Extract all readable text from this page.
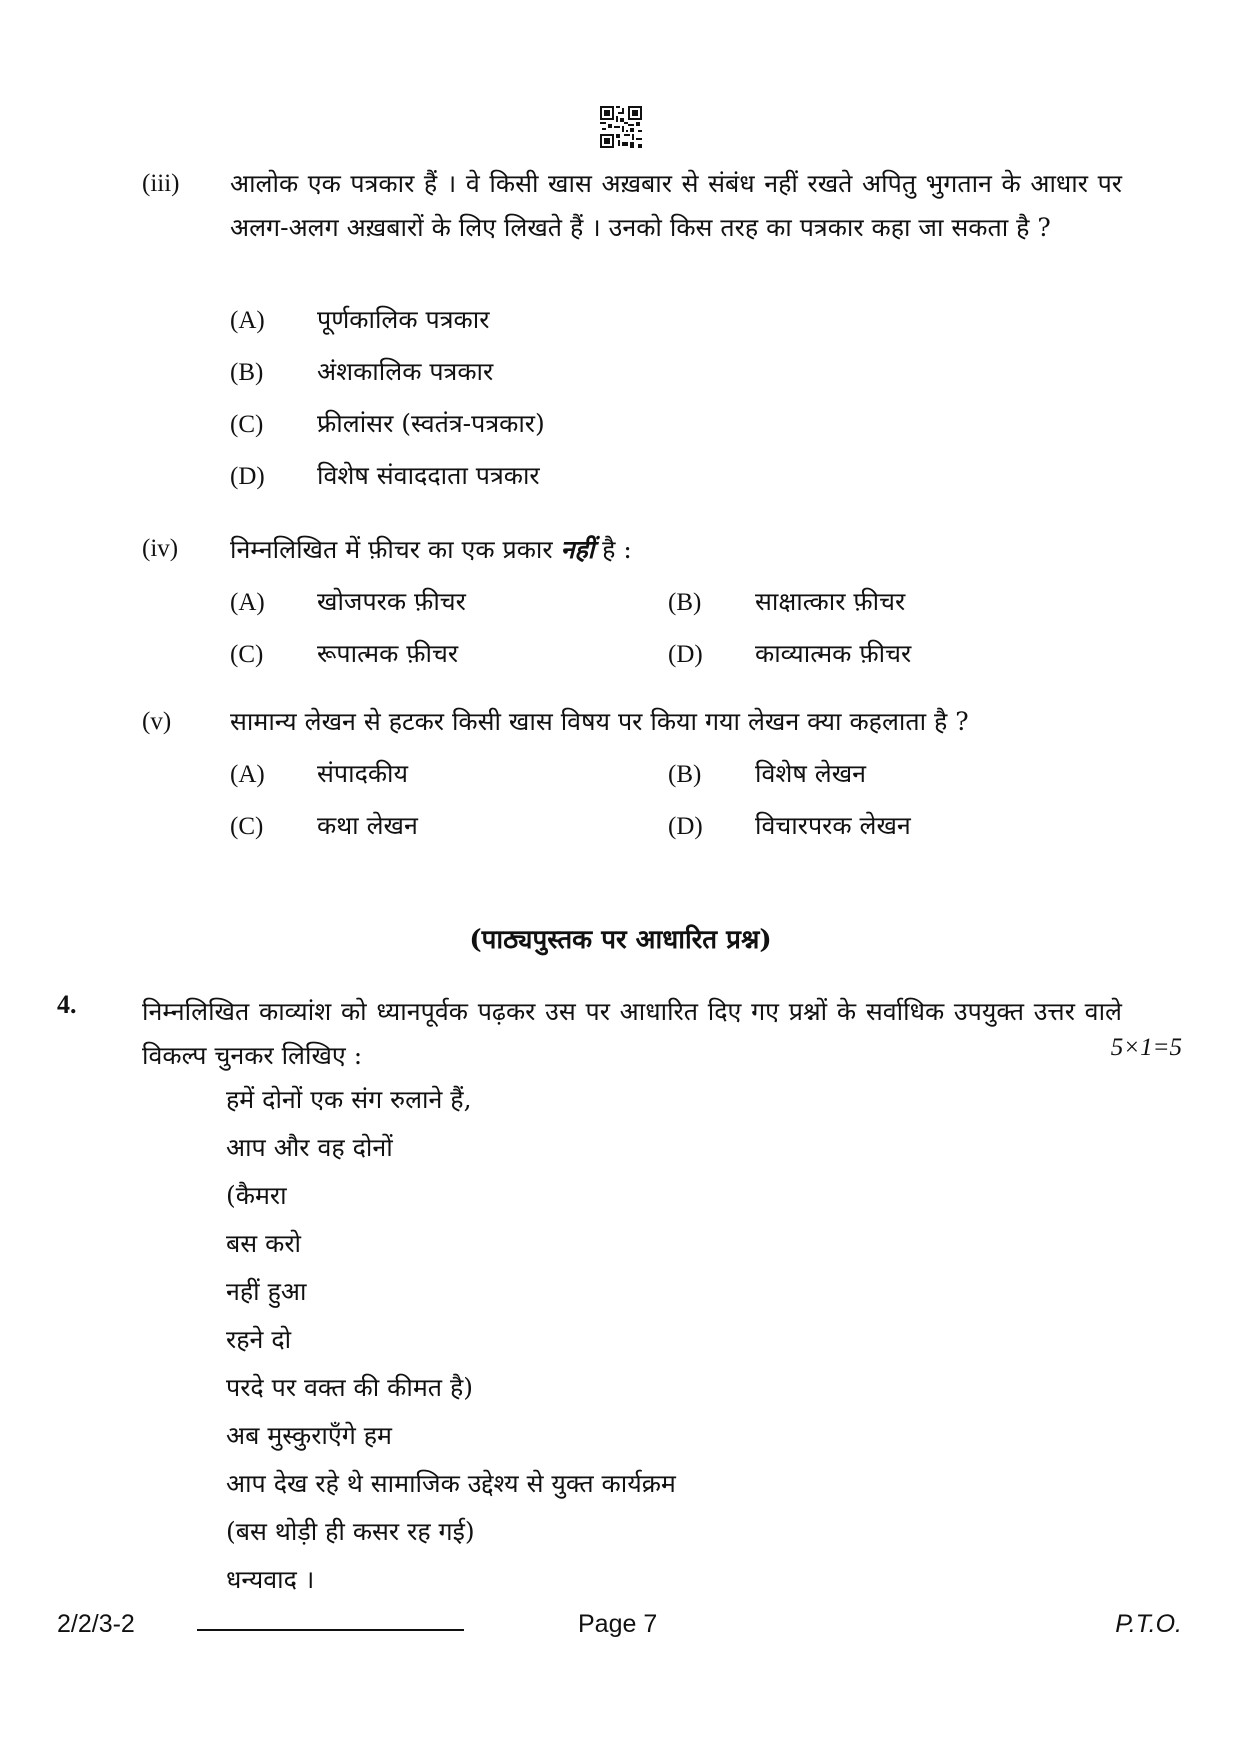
(iii) आलोक एक पत्रकार हैं । वे किसी खास अख़बार से संबंध नहीं रखते अपितु भुगतान के आधार पर अलग-अलग अख़बारों के लिए लिखते हैं । उनको किस तरह का पत्रकार कहा जा सकता है ?
(A) पूर्णकालिक पत्रकार
(B) अंशकालिक पत्रकार
(C) फ्रीलांसर (स्वतंत्र-पत्रकार)
(D) विशेष संवाददाता पत्रकार
(iv) निम्नलिखित में फ़ीचर का एक प्रकार नहीं है :
(A) खोजपरक फ़ीचर	(B) साक्षात्कार फ़ीचर
(C) रूपात्मक फ़ीचर	(D) काव्यात्मक फ़ीचर
(v) सामान्य लेखन से हटकर किसी खास विषय पर किया गया लेखन क्या कहलाता है ?
(A) संपादकीय	(B) विशेष लेखन
(C) कथा लेखन	(D) विचारपरक लेखन
(पाठ्यपुस्तक पर आधारित प्रश्न)
4.	निम्नलिखित काव्यांश को ध्यानपूर्वक पढ़कर उस पर आधारित दिए गए प्रश्नों के सर्वाधिक उपयुक्त उत्तर वाले विकल्प चुनकर लिखिए :	5×1=5
हमें दोनों एक संग रुलाने हैं,
आप और वह दोनों
(कैमरा
बस करो
नहीं हुआ
रहने दो
परदे पर वक्त की कीमत है)
अब मुस्कुराएँगे हम
आप देख रहे थे सामाजिक उद्देश्य से युक्त कार्यक्रम
(बस थोड़ी ही कसर रह गई)
धन्यवाद ।
2/2/3-2	Page 7	P.T.O.
